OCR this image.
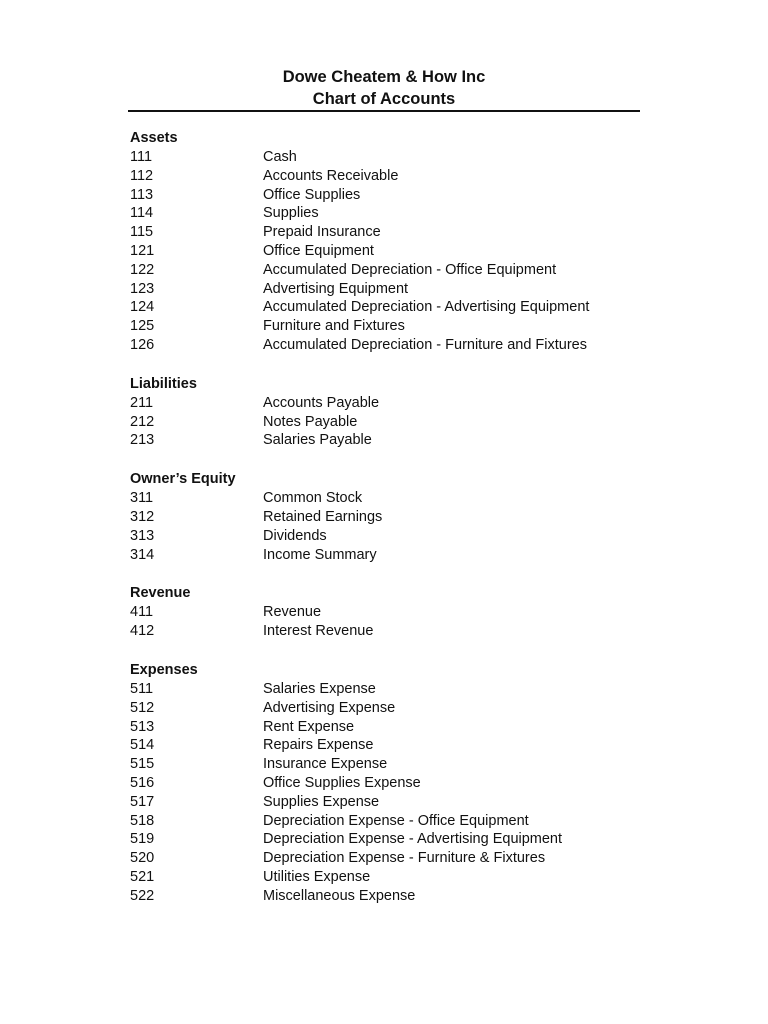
Dowe Cheatem & How Inc
Chart of Accounts
Assets
111	Cash
112	Accounts Receivable
113	Office Supplies
114	Supplies
115	Prepaid Insurance
121	Office Equipment
122	Accumulated Depreciation - Office Equipment
123	Advertising Equipment
124	Accumulated Depreciation - Advertising Equipment
125	Furniture and Fixtures
126	Accumulated Depreciation - Furniture and Fixtures
Liabilities
211	Accounts Payable
212	Notes Payable
213	Salaries Payable
Owner’s Equity
311	Common Stock
312	Retained Earnings
313	Dividends
314	Income Summary
Revenue
411	Revenue
412	Interest Revenue
Expenses
511	Salaries Expense
512	Advertising Expense
513	Rent Expense
514	Repairs Expense
515	Insurance Expense
516	Office Supplies Expense
517	Supplies Expense
518	Depreciation Expense - Office Equipment
519	Depreciation Expense - Advertising Equipment
520	Depreciation Expense - Furniture & Fixtures
521	Utilities Expense
522	Miscellaneous Expense
